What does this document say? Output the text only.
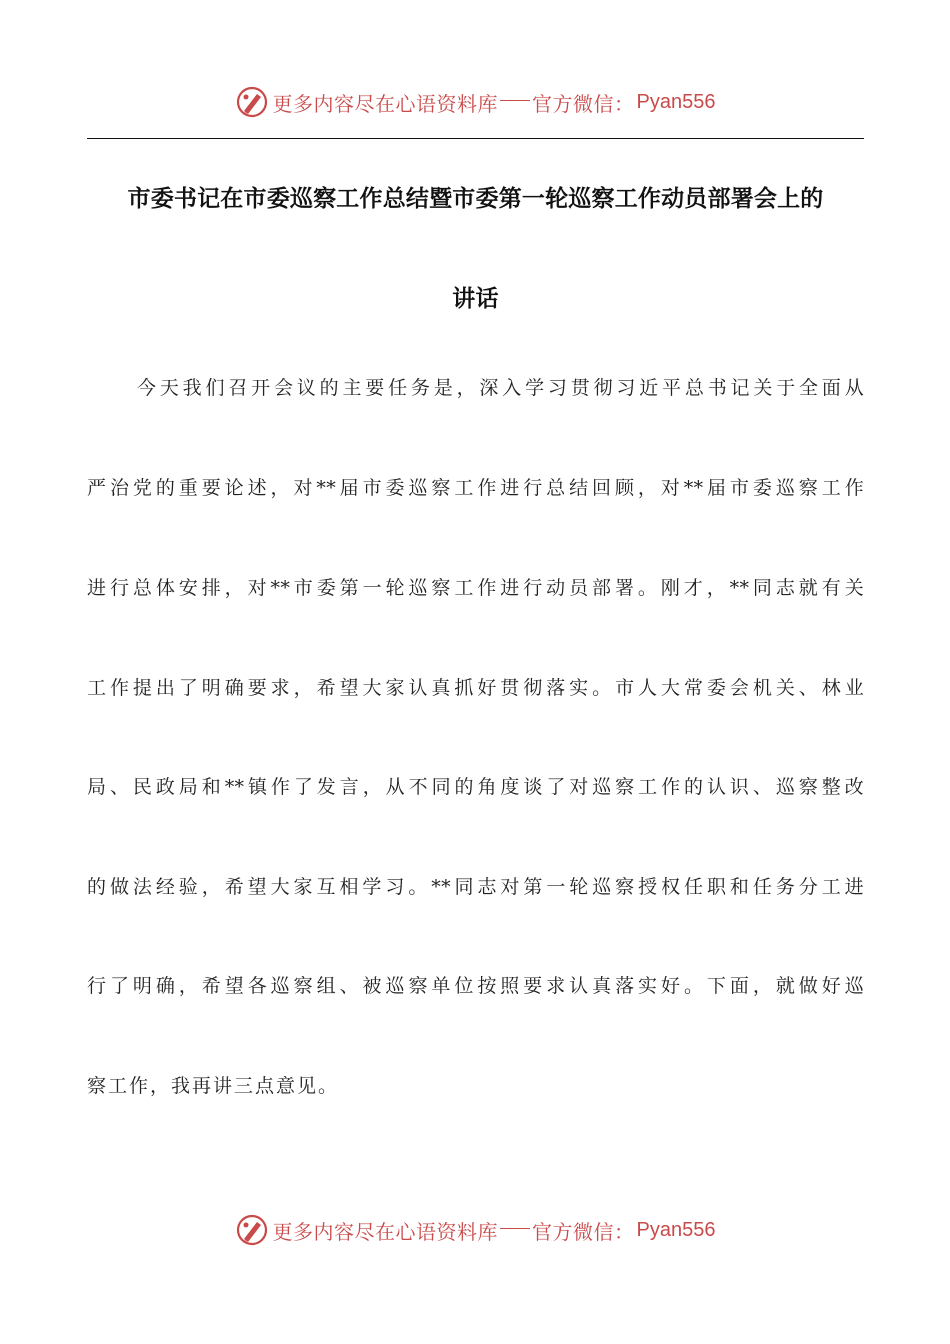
更多内容尽在心语资料库 官方微信： Pyan556
市委书记在市委巡察工作总结暨市委第一轮巡察工作动员部署会上的
讲话
今天我们召开会议的主要任务是，深入学习贯彻习近平总书记关于全面从
严治党的重要论述，对**届市委巡察工作进行总结回顾，对**届市委巡察工作
进行总体安排，对**市委第一轮巡察工作进行动员部署。刚才，**同志就有关
工作提出了明确要求，希望大家认真抓好贯彻落实。市人大常委会机关、林业
局、民政局和**镇作了发言，从不同的角度谈了对巡察工作的认识、巡察整改
的做法经验，希望大家互相学习。**同志对第一轮巡察授权任职和任务分工进
行了明确，希望各巡察组、被巡察单位按照要求认真落实好。下面，就做好巡
察工作，我再讲三点意见。
更多内容尽在心语资料库 官方微信： Pyan556
